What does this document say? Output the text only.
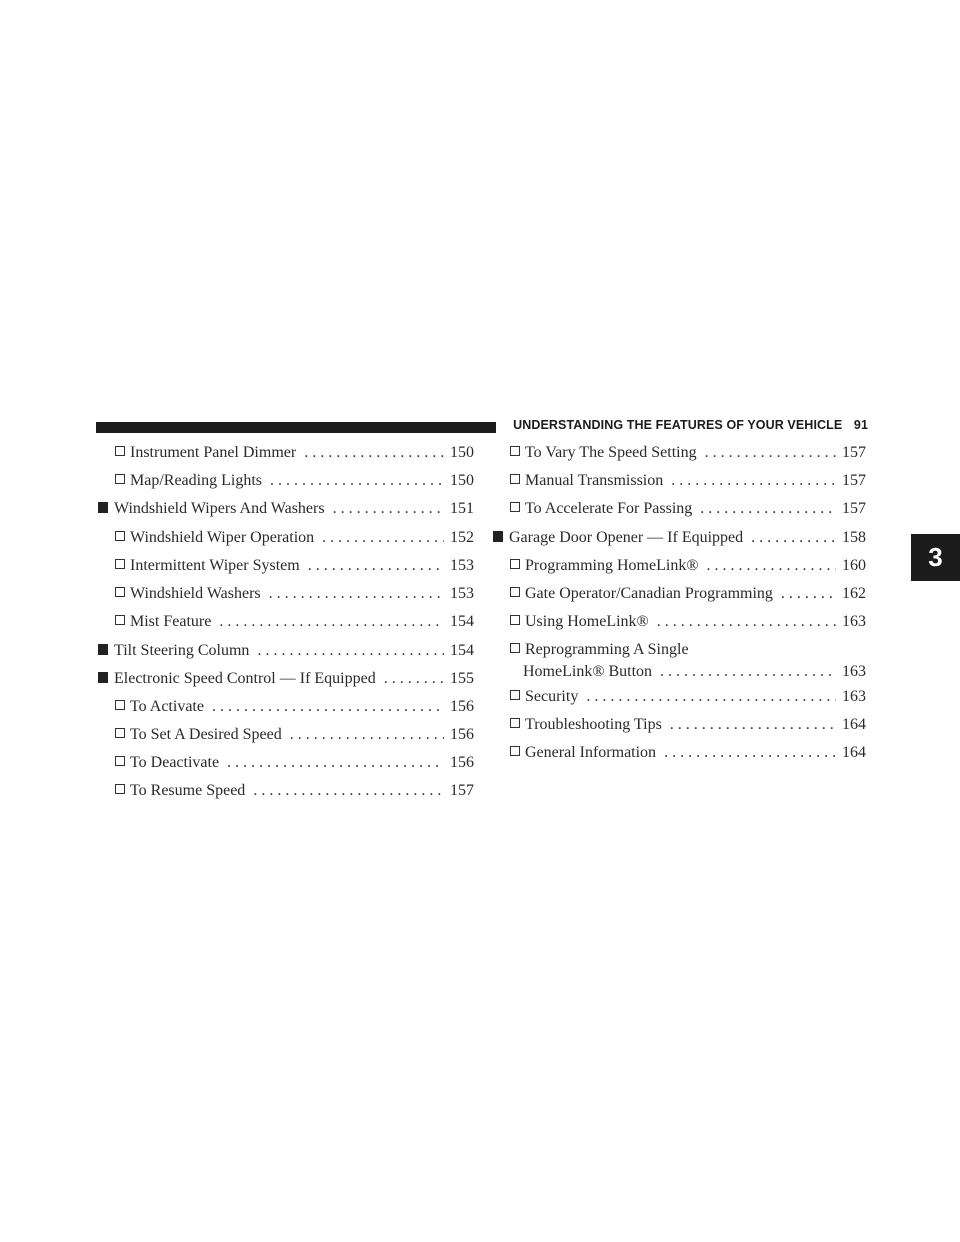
UNDERSTANDING THE FEATURES OF YOUR VEHICLE 91
3
Instrument Panel Dimmer . . .	150
Map/Reading Lights . . .	150
Windshield Wipers And Washers . . .	151
Windshield Wiper Operation . . .	152
Intermittent Wiper System . . .	153
Windshield Washers . . .	153
Mist Feature . . .	154
Tilt Steering Column . . .	154
Electronic Speed Control — If Equipped . . .	155
To Activate . . .	156
To Set A Desired Speed . . .	156
To Deactivate . . .	156
To Resume Speed . . .	157
To Vary The Speed Setting . . .	157
Manual Transmission . . .	157
To Accelerate For Passing . . .	157
Garage Door Opener — If Equipped . . .	158
Programming HomeLink® . . .	160
Gate Operator/Canadian Programming . . .	162
Using HomeLink® . . .	163
Reprogramming A Single
HomeLink® Button . . .	163
Security . . .	163
Troubleshooting Tips . . .	164
General Information . . .	164
